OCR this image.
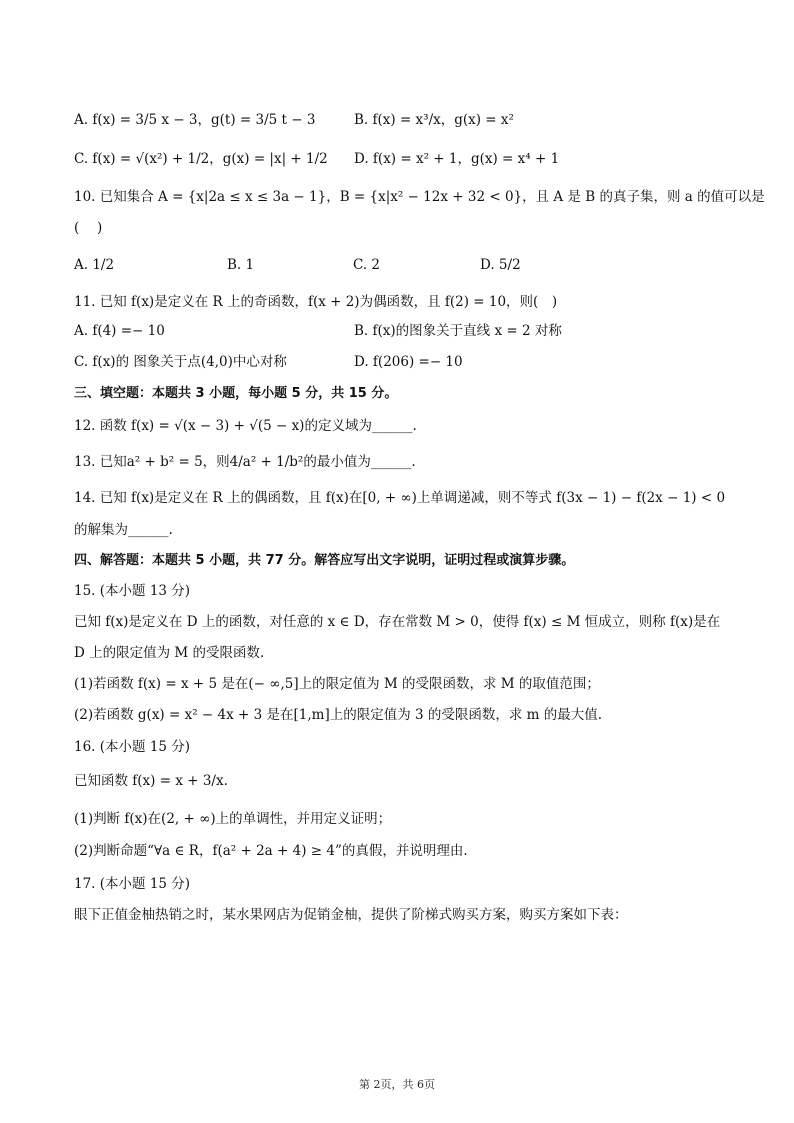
A. f(x) = 3/5 x − 3，g(t) = 3/5 t − 3	B. f(x) = x³/x，g(x) = x²
C. f(x) = √(x²) + 1/2，g(x) = |x| + 1/2 D. f(x) = x² + 1，g(x) = x⁴ + 1
10. 已知集合 A = {x|2a ≤ x ≤ 3a − 1}，B = {x|x² − 12x + 32 < 0}，且 A 是 B 的真子集，则 a 的值可以是
(　 )
A. 1/2	B. 1	C. 2	D. 5/2
11. 已知 f(x)是定义在 R 上的奇函数，f(x + 2)为偶函数，且 f(2) = 10，则(　)
A. f(4) =− 10	B. f(x)的图象关于直线 x = 2 对称
C. f(x)的 图象关于点(4,0)中心对称	D. f(206) =− 10
三、填空题：本题共 3 小题，每小题 5 分，共 15 分。
12. 函数 f(x) = √(x − 3) + √(5 − x)的定义域为______.
13. 已知a² + b² = 5，则4/a² + 1/b²的最小值为______.
14. 已知 f(x)是定义在 R 上的偶函数，且 f(x)在[0, + ∞)上单调递减，则不等式 f(3x − 1) − f(2x − 1) < 0
的解集为______.
四、解答题：本题共 5 小题，共 77 分。解答应写出文字说明，证明过程或演算步骤。
15. (本小题 13 分)
已知 f(x)是定义在 D 上的函数，对任意的 x ∈ D，存在常数 M > 0，使得 f(x) ≤ M 恒成立，则称 f(x)是在
D 上的限定值为 M 的受限函数.
(1)若函数 f(x) = x + 5 是在(− ∞,5]上的限定值为 M 的受限函数，求 M 的取值范围；
(2)若函数 g(x) = x² − 4x + 3 是在[1,m]上的限定值为 3 的受限函数，求 m 的最大值.
16. (本小题 15 分)
已知函数 f(x) = x + 3/x.
(1)判断 f(x)在(2, + ∞)上的单调性，并用定义证明；
(2)判断命题“∀a ∈ R，f(a² + 2a + 4) ≥ 4”的真假，并说明理由.
17. (本小题 15 分)
眼下正值金柚热销之时，某水果网店为促销金柚，提供了阶梯式购买方案，购买方案如下表：
第 2页，共 6页
